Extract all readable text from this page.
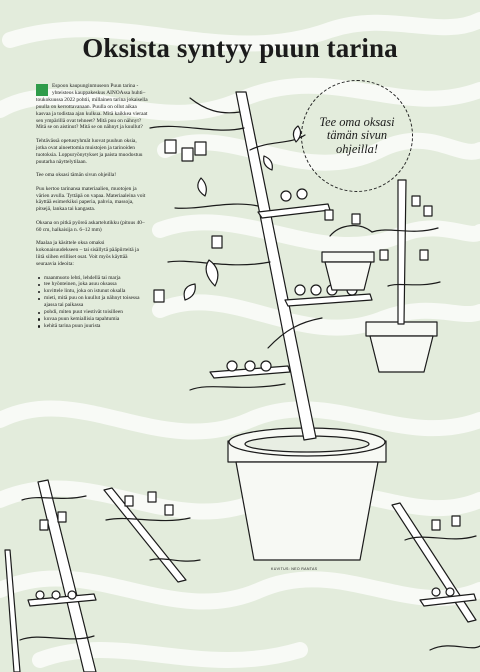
Oksista syntyy puun tarina

Espoon kaupunginmuseon Puun tarina -yhteisteos kauppakeskus AINOAssa huhti–toukokuussa 2022 pohtii, millainen tarina jokaisella puulla on kerrottavanaan. Puulla on ollut aikaa kasvaa ja todistaa ajan kulkua. Mitä kaikkea vieraat sen ympärillä ovat tehneet? Mitä puu on nähnyt? Mitä se on aistinut? Mitä se on nähnyt ja kuullut?

Tehtävässä opetusryhmät luovat puuhun oksia, jotka ovat aineettomia muistojen ja tarinoiden tuotoksia. Loppuryönytykset ja paista muodostuu puutarha näyttelytilaan.

Tee oma oksasi tämän sivun ohjeilla!

Puu kertoo tarinansa materiaalien, muotojen ja värien avulla. Tyttäpä on vapaa. Materiaaleina voit käyttää esimerkiksi paperia, pahvia, massoja, pitsejä, lankaa tai kangasta.

Oksana on pitkä pyöreä askartelutikku (pituus 40–60 cm, halkaisija n. 6–12 mm)

Maalaa ja käsittele oksa omaksi kokonaisuudekseen – tai sisällytä pääpiirteitä ja liitä siihen erilliset osat. Voit myös käyttää seuraavia ideoita:

maanmuoto lehti, lehdellä tai marja
tee hyönteinen, joka asuu oksassa
kuvittele lintu, joka on istunut oksalla
mieti, mitä puu on kuullut ja nähnyt toisessa ajassa tai paikassa
pohdi, miten puut viestivät toisilleen
kuvaa puun kemiallisia tapahtumia
kehitä tarina puun juurista
Tee oma oksasi tämän sivun ohjeilla!
KUVITUS: NEO RANTAS
